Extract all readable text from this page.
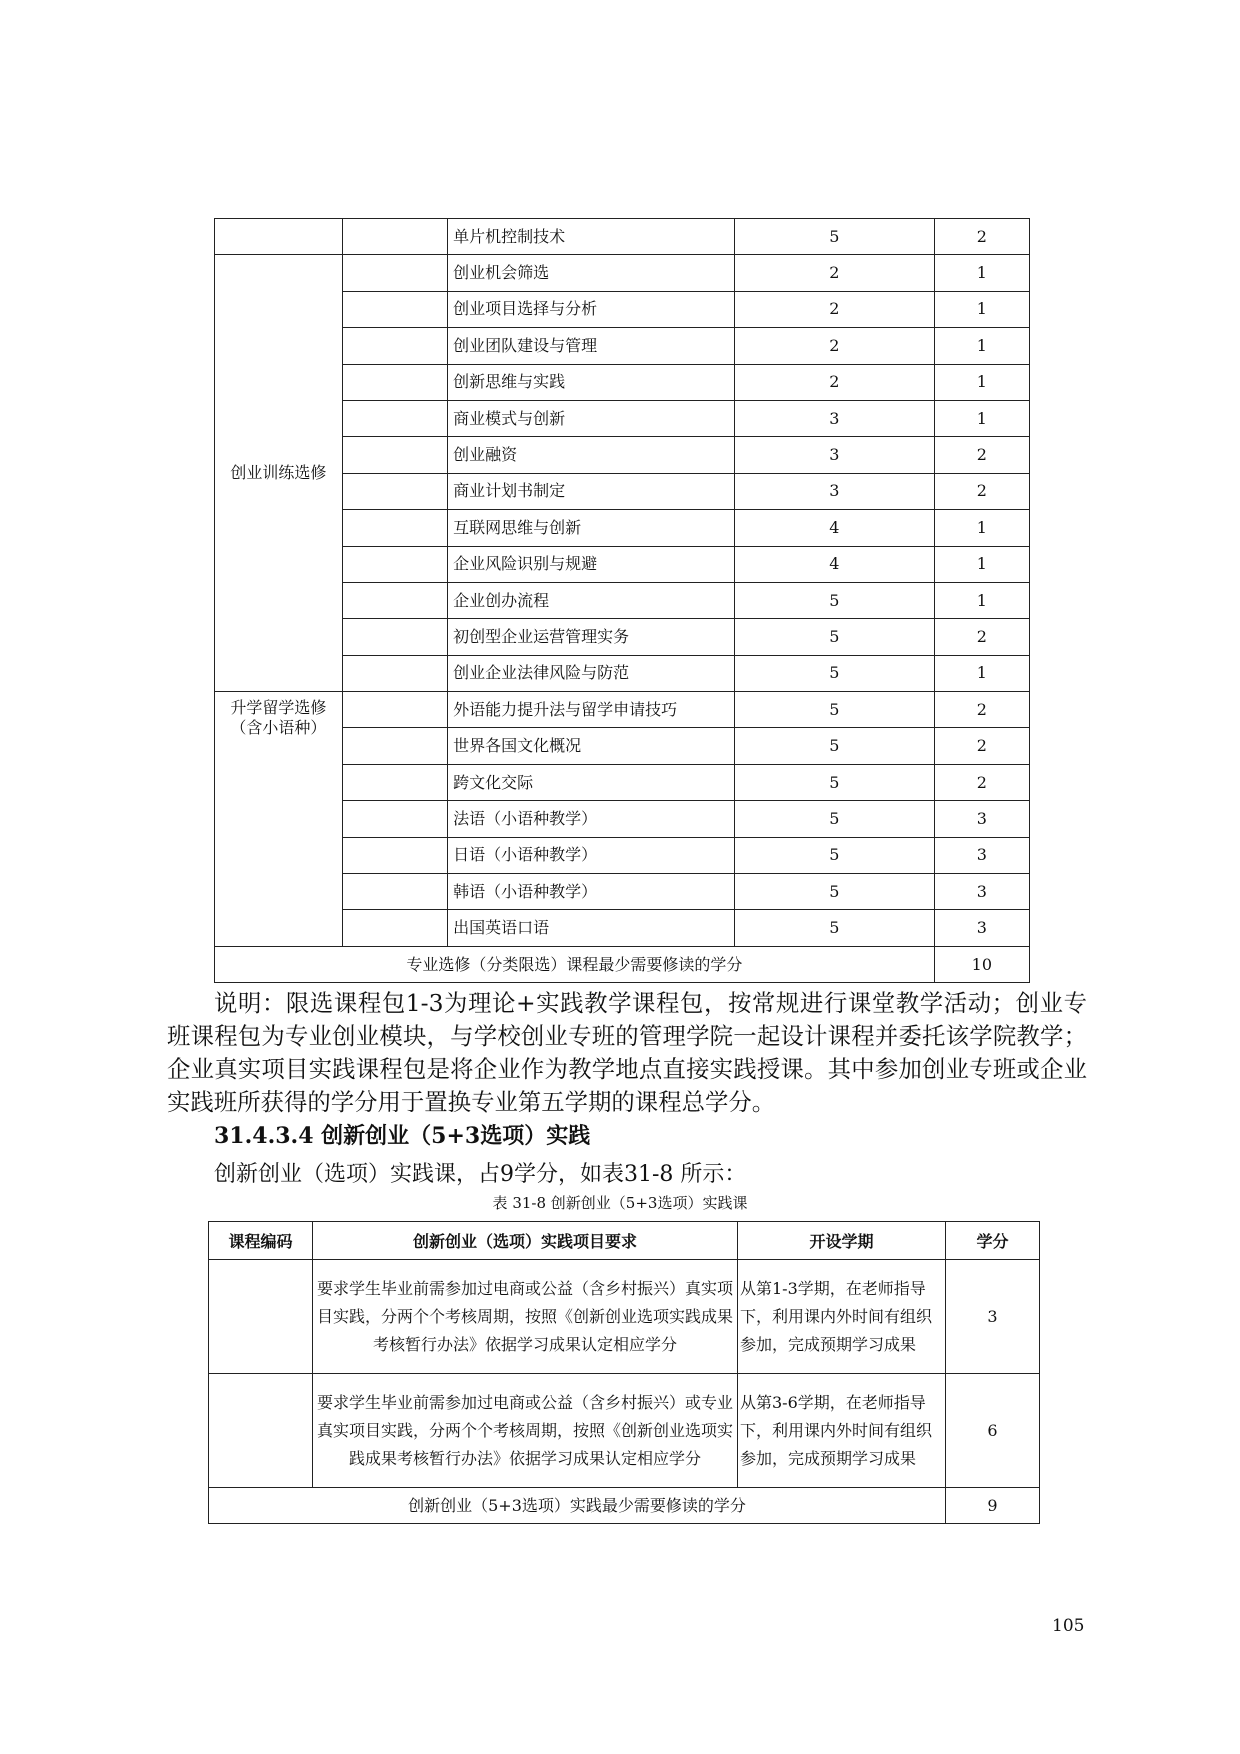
		单片机控制技术	5	2
创业训练选修		创业机会筛选	2	1
		创业项目选择与分析	2	1
		创业团队建设与管理	2	1
		创新思维与实践	2	1
		商业模式与创新	3	1
		创业融资	3	2
		商业计划书制定	3	2
		互联网思维与创新	4	1
		企业风险识别与规避	4	1
		企业创办流程	5	1
		初创型企业运营管理实务	5	2
		创业企业法律风险与防范	5	1

升学留学选修
（含小语种）		外语能力提升法与留学申请技巧	5	2
		世界各国文化概况	5	2
		跨文化交际	5	2
		法语（小语种教学）	5	3
		日语（小语种教学）	5	3
		韩语（小语种教学）	5	3
		出国英语口语	5	3
专业选修（分类限选）课程最少需要修读的学分				10

说明：限选课程包1-3为理论+实践教学课程包，按常规进行课堂教学活动；创业专班课程包为专业创业模块，与学校创业专班的管理学院一起设计课程并委托该学院教学；企业真实项目实践课程包是将企业作为教学地点直接实践授课。其中参加创业专班或企业实践班所获得的学分用于置换专业第五学期的课程总学分。

31.4.3.4 创新创业（5+3选项）实践

创新创业（选项）实践课，占9学分，如表31-8 所示：

表 31-8 创新创业（5+3选项）实践课

课程编码	创新创业（选项）实践项目要求	开设学期	学分
	要求学生毕业前需参加过电商或公益（含乡村振兴）真实项目实践，分两个个考核周期，按照《创新创业选项实践成果考核暂行办法》依据学习成果认定相应学分	从第1-3学期，在老师指导下，利用课内外时间有组织参加，完成预期学习成果	3
	要求学生毕业前需参加过电商或公益（含乡村振兴）或专业真实项目实践，分两个个考核周期，按照《创新创业选项实践成果考核暂行办法》依据学习成果认定相应学分	从第3-6学期，在老师指导下，利用课内外时间有组织参加，完成预期学习成果	6
创新创业（5+3选项）实践最少需要修读的学分			9

105
